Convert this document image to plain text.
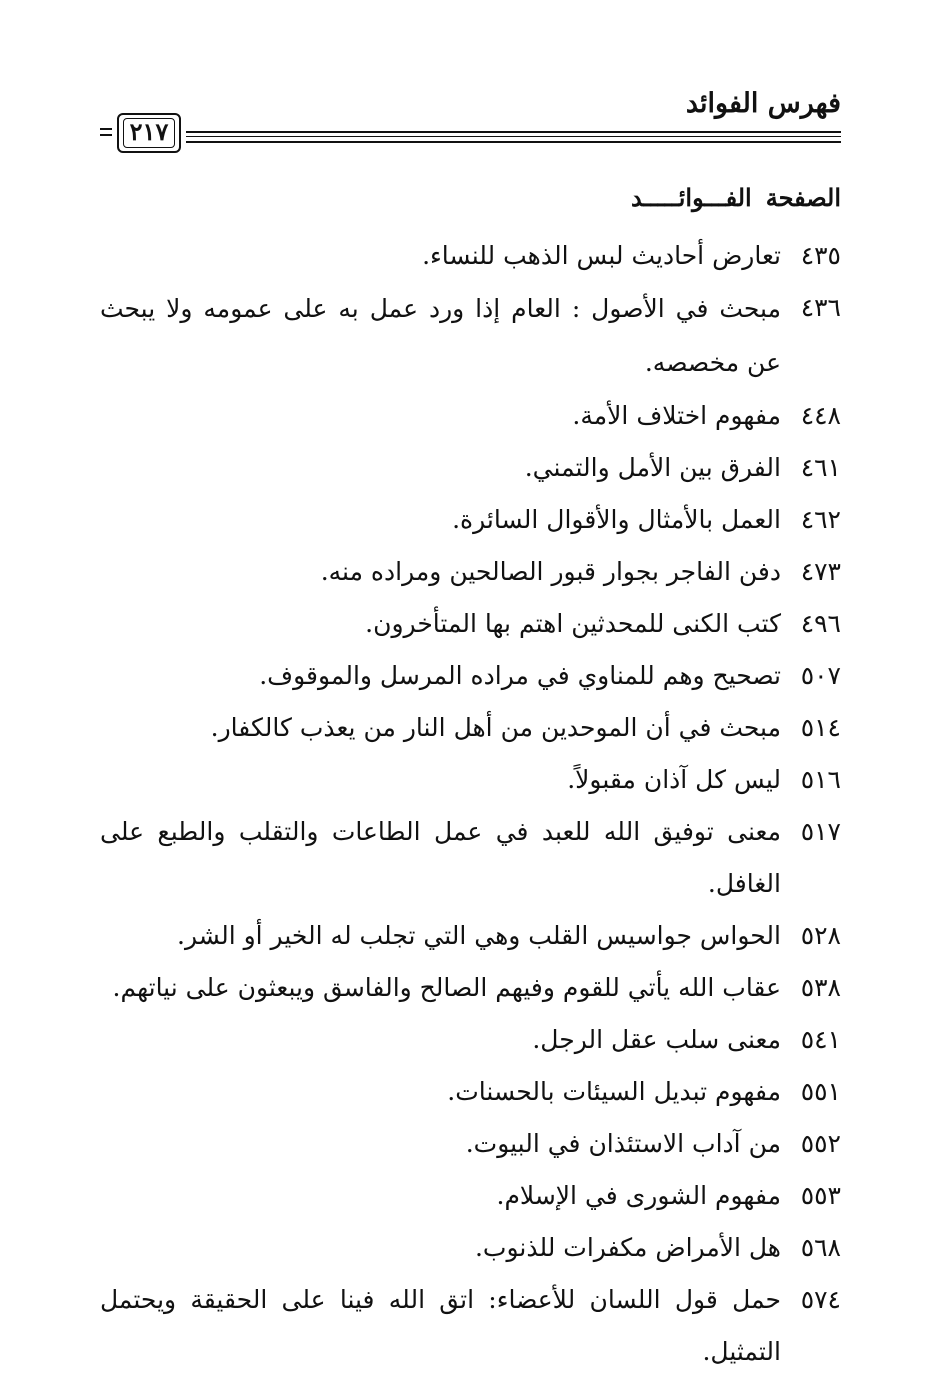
فهرس الفوائد
٢١٧
الصفحة
الفـــوائـــــد
٤٣٥
تعارض أحاديث لبس الذهب للنساء.
٤٣٦
مبحث في الأصول : العام إذا ورد عمل به على عمومه ولا يبحث عن مخصصه.
٤٤٨
مفهوم اختلاف الأمة.
٤٦١
الفرق بين الأمل والتمني.
٤٦٢
العمل بالأمثال والأقوال السائرة.
٤٧٣
دفن الفاجر بجوار قبور الصالحين ومراده منه.
٤٩٦
كتب الكنى للمحدثين اهتم بها المتأخرون.
٥٠٧
تصحيح وهم للمناوي في مراده المرسل والموقوف.
٥١٤
مبحث في أن الموحدين من أهل النار من يعذب كالكفار.
٥١٦
ليس كل آذان مقبولاً.
٥١٧
معنى توفيق الله للعبد في عمل الطاعات والتقلب والطبع على الغافل.
٥٢٨
الحواس جواسيس القلب وهي التي تجلب له الخير أو الشر.
٥٣٨
عقاب الله يأتي للقوم وفيهم الصالح والفاسق ويبعثون على نياتهم.
٥٤١
معنى سلب عقل الرجل.
٥٥١
مفهوم تبديل السيئات بالحسنات.
٥٥٢
من آداب الاستئذان في البيوت.
٥٥٣
مفهوم الشورى في الإسلام.
٥٦٨
هل الأمراض مكفرات للذنوب.
٥٧٤
حمل قول اللسان للأعضاء: اتق الله فينا على الحقيقة ويحتمل التمثيل.
